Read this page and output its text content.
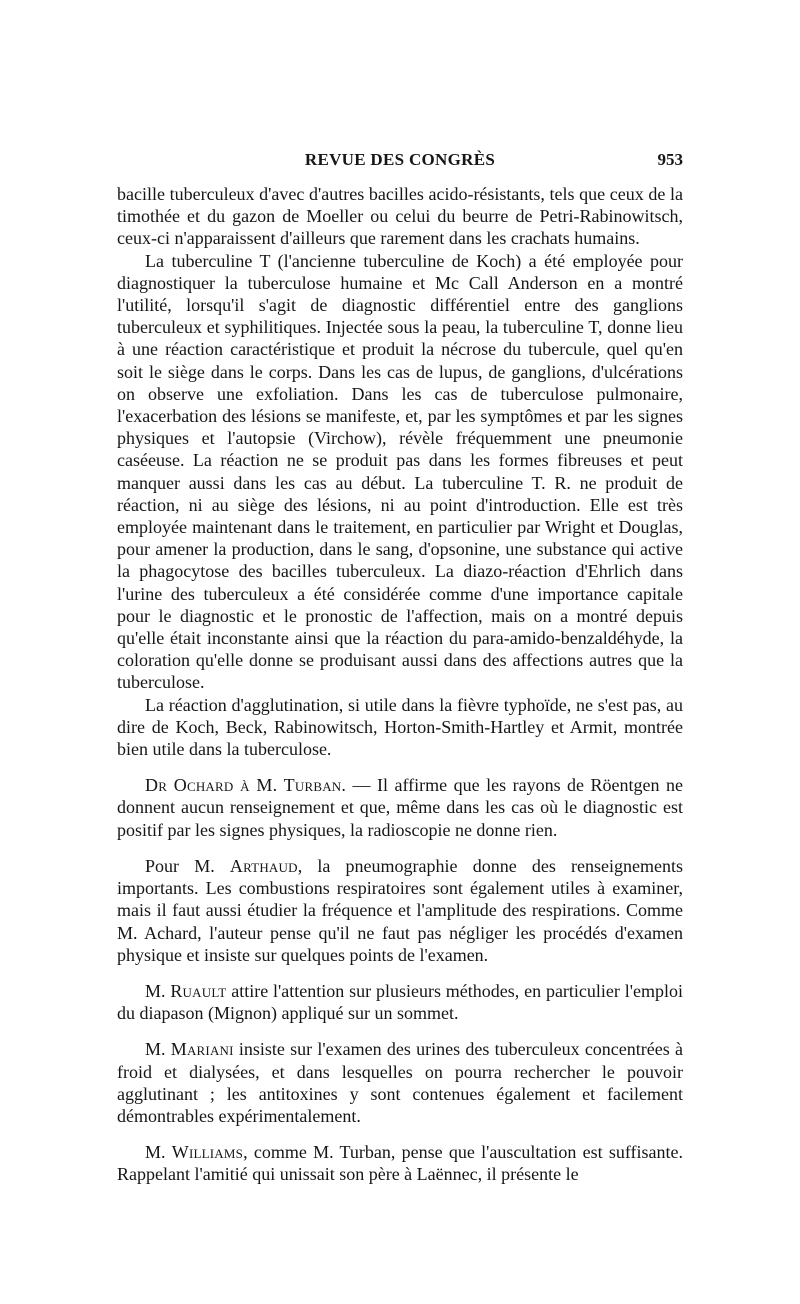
REVUE DES CONGRÈS	953

bacille tuberculeux d'avec d'autres bacilles acido-résistants, tels que ceux de la timothée et du gazon de Moeller ou celui du beurre de Petri-Rabinowitsch, ceux-ci n'apparaissent d'ailleurs que rarement dans les crachats humains.

La tuberculine T (l'ancienne tuberculine de Koch) a été employée pour diagnostiquer la tuberculose humaine et Mc Call Anderson en a montré l'utilité, lorsqu'il s'agit de diagnostic différentiel entre des ganglions tuberculeux et syphilitiques. Injectée sous la peau, la tuberculine T, donne lieu à une réaction caractéristique et produit la nécrose du tubercule, quel qu'en soit le siège dans le corps. Dans les cas de lupus, de ganglions, d'ulcérations on observe une exfoliation. Dans les cas de tuberculose pulmonaire, l'exacerbation des lésions se manifeste, et, par les symptômes et par les signes physiques et l'autopsie (Virchow), révèle fréquemment une pneumonie caséeuse. La réaction ne se produit pas dans les formes fibreuses et peut manquer aussi dans les cas au début. La tuberculine T. R. ne produit de réaction, ni au siège des lésions, ni au point d'introduction. Elle est très employée maintenant dans le traitement, en particulier par Wright et Douglas, pour amener la production, dans le sang, d'opsonine, une substance qui active la phagocytose des bacilles tuberculeux. La diazo-réaction d'Ehrlich dans l'urine des tuberculeux a été considérée comme d'une importance capitale pour le diagnostic et le pronostic de l'affection, mais on a montré depuis qu'elle était inconstante ainsi que la réaction du para-amido-benzaldéhyde, la coloration qu'elle donne se produisant aussi dans des affections autres que la tuberculose.

La réaction d'agglutination, si utile dans la fièvre typhoïde, ne s'est pas, au dire de Koch, Beck, Rabinowitsch, Horton-Smith-Hartley et Armit, montrée bien utile dans la tuberculose.

Dr Ochard à M. Turban. — Il affirme que les rayons de Röentgen ne donnent aucun renseignement et que, même dans les cas où le diagnostic est positif par les signes physiques, la radioscopie ne donne rien.

Pour M. Arthaud, la pneumographie donne des renseignements importants. Les combustions respiratoires sont également utiles à examiner, mais il faut aussi étudier la fréquence et l'amplitude des respirations. Comme M. Achard, l'auteur pense qu'il ne faut pas négliger les procédés d'examen physique et insiste sur quelques points de l'examen.

M. Ruault attire l'attention sur plusieurs méthodes, en particulier l'emploi du diapason (Mignon) appliqué sur un sommet.

M. Mariani insiste sur l'examen des urines des tuberculeux concentrées à froid et dialysées, et dans lesquelles on pourra rechercher le pouvoir agglutinant ; les antitoxines y sont contenues également et facilement démontrables expérimentalement.

M. Williams, comme M. Turban, pense que l'auscultation est suffisante. Rappelant l'amitié qui unissait son père à Laënnec, il présente le
